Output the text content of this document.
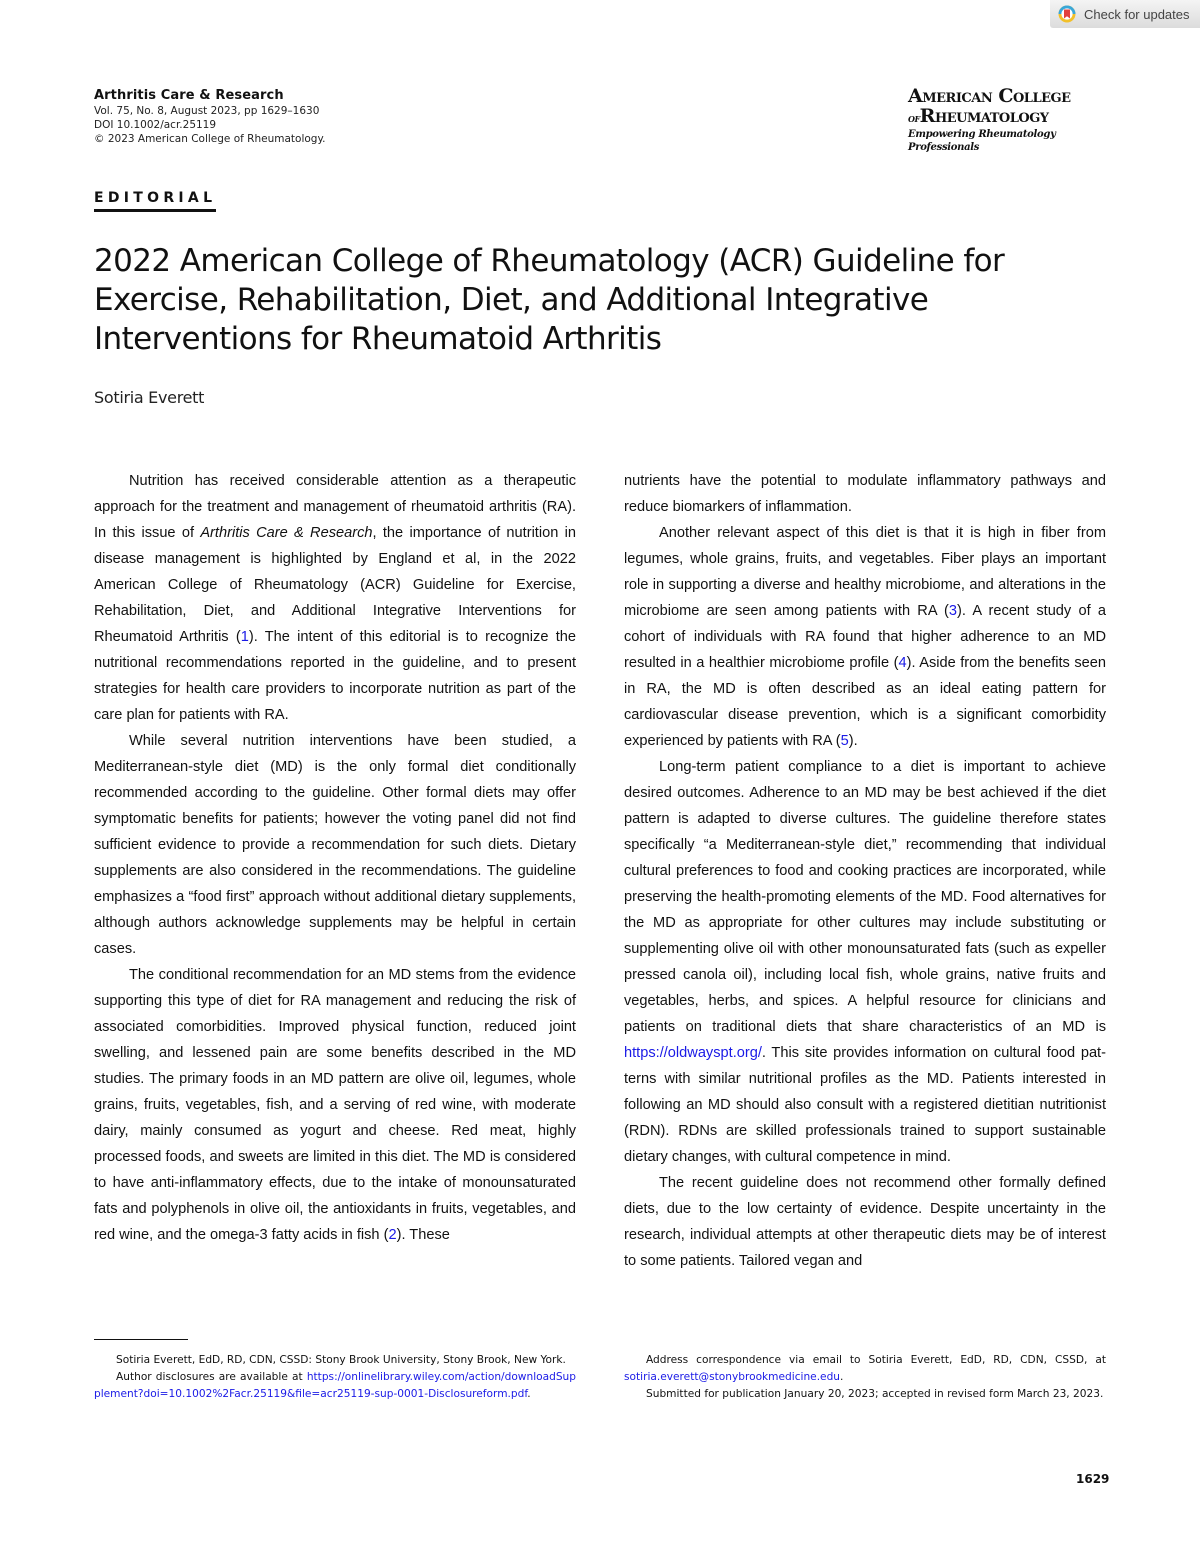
Check for updates
Arthritis Care & Research
Vol. 75, No. 8, August 2023, pp 1629–1630
DOI 10.1002/acr.25119
© 2023 American College of Rheumatology.
American College
ofRheumatology
Empowering Rheumatology Professionals
EDITORIAL
2022 American College of Rheumatology (ACR) Guideline for Exercise, Rehabilitation, Diet, and Additional Integrative Interventions for Rheumatoid Arthritis
Sotiria Everett

Nutrition has received considerable attention as a therapeutic approach for the treatment and management of rheumatoid arthritis (RA). In this issue of Arthritis Care & Research, the importance of nutrition in disease management is highlighted by England et al, in the 2022 American College of Rheumatology (ACR) Guideline for Exercise, Rehabilitation, Diet, and Additional Integrative Interventions for Rheumatoid Arthritis (1). The intent of this editorial is to recognize the nutritional recommendations reported in the guideline, and to present strategies for health care providers to incorporate nutrition as part of the care plan for patients with RA.

While several nutrition interventions have been studied, a Mediterranean-style diet (MD) is the only formal diet conditionally recommended according to the guideline. Other formal diets may offer symptomatic benefits for patients; however the voting panel did not find sufficient evidence to provide a recommendation for such diets. Dietary supplements are also considered in the recommendations. The guideline emphasizes a “food first” approach without additional dietary supplements, although authors acknowledge supplements may be helpful in certain cases.

The conditional recommendation for an MD stems from the evidence supporting this type of diet for RA management and reducing the risk of associated comorbidities. Improved physical function, reduced joint swelling, and lessened pain are some benefits described in the MD studies. The primary foods in an MD pattern are olive oil, legumes, whole grains, fruits, vegetables, fish, and a serving of red wine, with moderate dairy, mainly consumed as yogurt and cheese. Red meat, highly processed foods, and sweets are limited in this diet. The MD is considered to have anti-inflammatory effects, due to the intake of monounsaturated fats and polyphenols in olive oil, the antioxidants in fruits, vegetables, and red wine, and the omega-3 fatty acids in fish (2). These

nutrients have the potential to modulate inflammatory pathways and reduce biomarkers of inflammation.

Another relevant aspect of this diet is that it is high in fiber from legumes, whole grains, fruits, and vegetables. Fiber plays an important role in supporting a diverse and healthy microbiome, and alterations in the microbiome are seen among patients with RA (3). A recent study of a cohort of individuals with RA found that higher adherence to an MD resulted in a healthier microbiome profile (4). Aside from the benefits seen in RA, the MD is often described as an ideal eating pattern for cardiovascular disease prevention, which is a significant comorbidity experienced by patients with RA (5).

Long-term patient compliance to a diet is important to achieve desired outcomes. Adherence to an MD may be best achieved if the diet pattern is adapted to diverse cultures. The guideline therefore states specifically “a Mediterranean-style diet,” recommending that individual cultural preferences to food and cooking practices are incorporated, while preserving the health-promoting elements of the MD. Food alternatives for the MD as appropriate for other cultures may include substituting or supplementing olive oil with other monounsaturated fats (such as expeller pressed canola oil), including local fish, whole grains, native fruits and vegetables, herbs, and spices. A helpful resource for clinicians and patients on traditional diets that share characteristics of an MD is https://oldwayspt.org/. This site provides information on cultural food patterns with similar nutritional profiles as the MD. Patients interested in following an MD should also consult with a registered dietitian nutritionist (RDN). RDNs are skilled professionals trained to support sustainable dietary changes, with cultural competence in mind.

The recent guideline does not recommend other formally defined diets, due to the low certainty of evidence. Despite uncertainty in the research, individual attempts at other therapeutic diets may be of interest to some patients. Tailored vegan and

Sotiria Everett, EdD, RD, CDN, CSSD: Stony Brook University, Stony Brook, New York.

Author disclosures are available at https://onlinelibrary.wiley.com/action/downloadSupplement?doi=10.1002%2Facr.25119&file=acr25119-sup-0001-Disclosureform.pdf.

Address correspondence via email to Sotiria Everett, EdD, RD, CDN, CSSD, at sotiria.everett@stonybrookmedicine.edu.

Submitted for publication January 20, 2023; accepted in revised form March 23, 2023.

1629
